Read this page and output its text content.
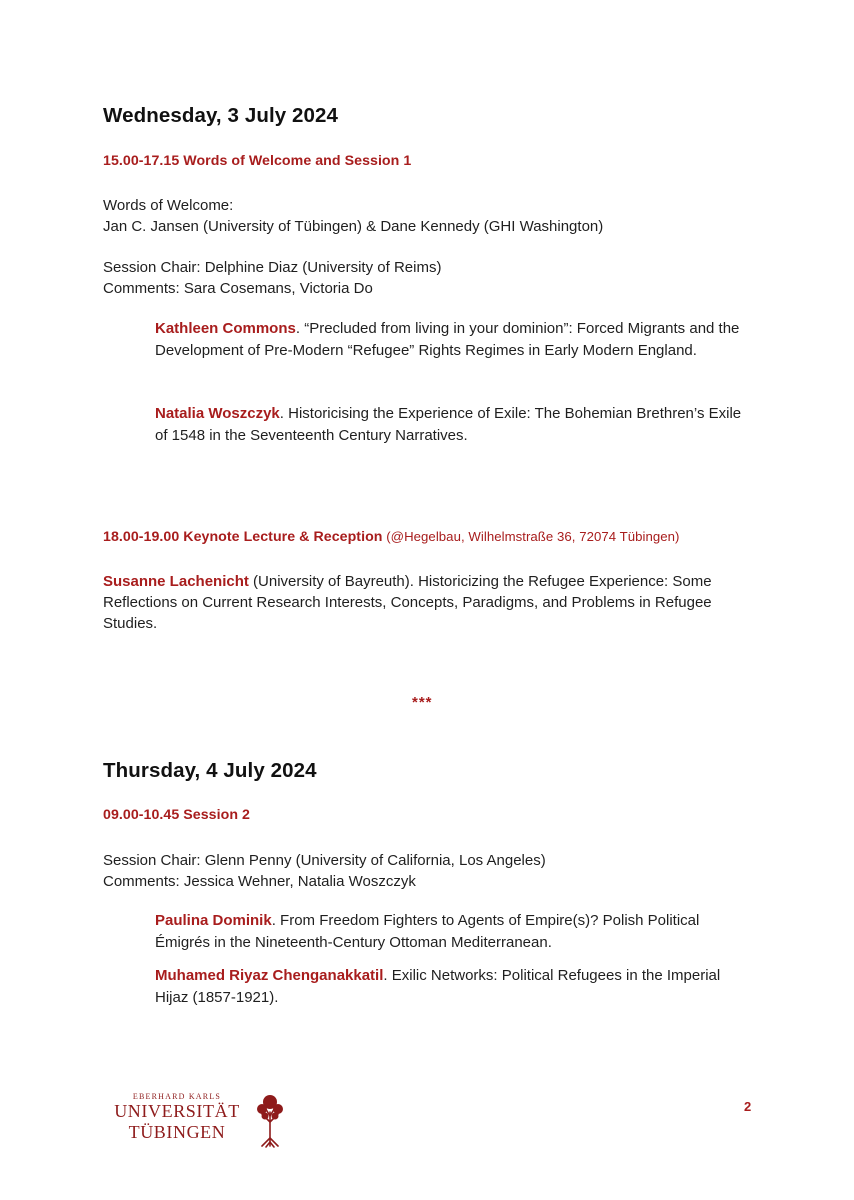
Wednesday, 3 July 2024
15.00-17.15 Words of Welcome and Session 1
Words of Welcome:
Jan C. Jansen (University of Tübingen) & Dane Kennedy (GHI Washington)
Session Chair: Delphine Diaz (University of Reims)
Comments: Sara Cosemans, Victoria Do

Kathleen Commons. “Precluded from living in your dominion”: Forced Migrants and the Development of Pre-Modern “Refugee” Rights Regimes in Early Modern England.

Natalia Woszczyk. Historicising the Experience of Exile: The Bohemian Brethren’s Exile of 1548 in the Seventeenth Century Narratives.

18.00-19.00 Keynote Lecture & Reception (@Hegelbau, Wilhelmstraße 36, 72074 Tübingen)

Susanne Lachenicht (University of Bayreuth). Historicizing the Refugee Experience: Some Reflections on Current Research Interests, Concepts, Paradigms, and Problems in Refugee Studies.

***
Thursday, 4 July 2024
09.00-10.45 Session 2
Session Chair: Glenn Penny (University of California, Los Angeles)
Comments: Jessica Wehner, Natalia Woszczyk

Paulina Dominik. From Freedom Fighters to Agents of Empire(s)? Polish Political Émigrés in the Nineteenth-Century Ottoman Mediterranean.

Muhamed Riyaz Chenganakkatil. Exilic Networks: Political Refugees in the Imperial Hijaz (1857-1921).

EBERHARD KARLS
UNIVERSITÄT
TÜBINGEN
2
